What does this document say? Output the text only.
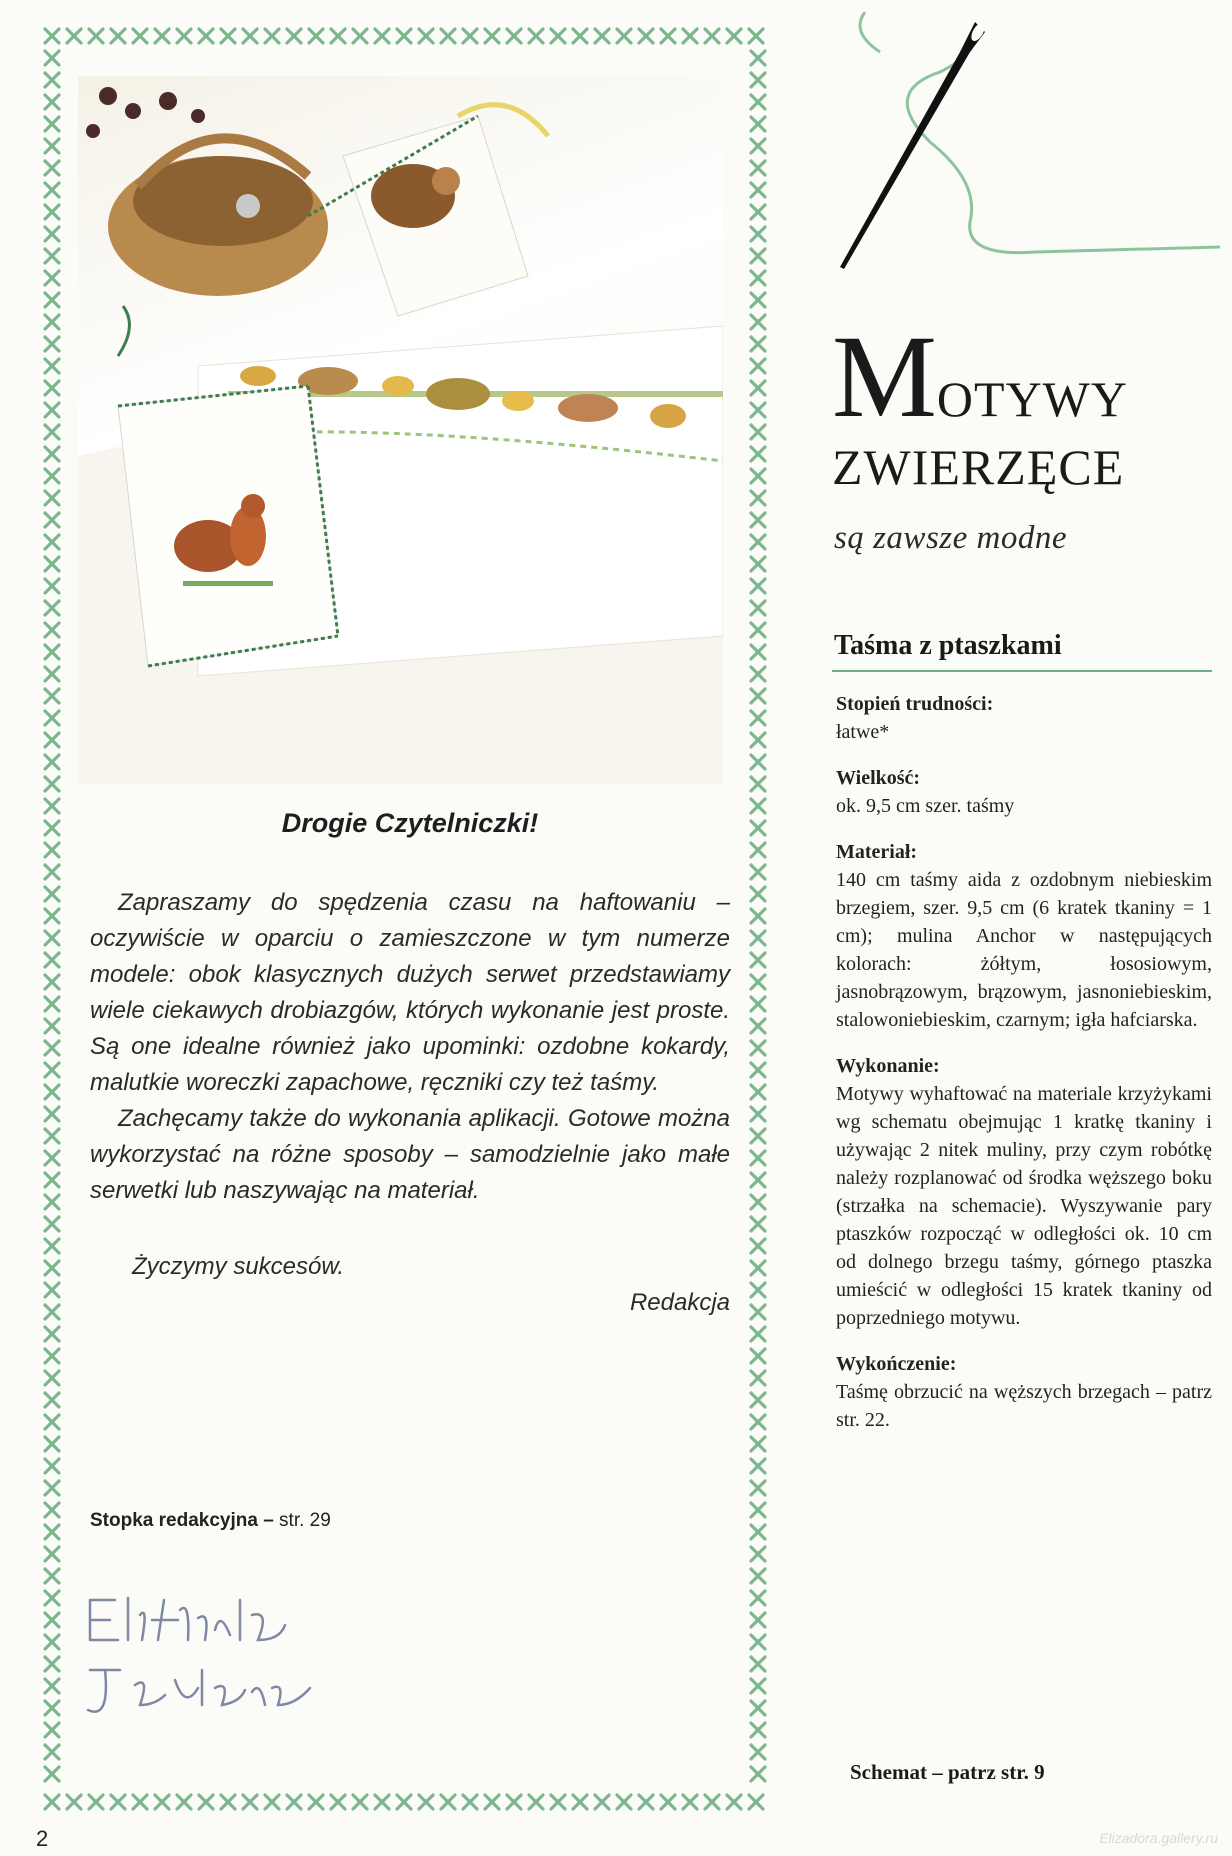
Drogie Czytelniczki!

Zapraszamy do spędzenia czasu na haftowaniu – oczywiście w oparciu o zamieszczone w tym numerze modele: obok klasycznych dużych serwet przedstawiamy wiele ciekawych drobiazgów, których wykonanie jest proste. Są one idealne również jako upominki: ozdobne kokardy, malutkie woreczki zapachowe, ręczniki czy też taśmy.

Zachęcamy także do wykonania aplikacji. Gotowe można wykorzystać na różne sposoby – samodzielnie jako małe serwetki lub naszywając na materiał.

Życzymy sukcesów.
Redakcja
Stopka redakcyjna – str. 29
2	Elizadora.gallery.ru
MOTYWY
ZWIERZĘCE
są zawsze modne
Taśma z ptaszkami
Stopień trudności:

łatwe*

Wielkość:

ok. 9,5 cm szer. taśmy

Materiał:

140 cm taśmy aida z ozdobnym niebieskim brzegiem, szer. 9,5 cm (6 kratek tkaniny = 1 cm); mulina Anchor w następujących kolorach: żółtym, łososiowym, jasnobrązowym, brązowym, jasnoniebieskim, stalowoniebieskim, czarnym; igła hafciarska.

Wykonanie:

Motywy wyhaftować na materiale krzyżykami wg schematu obejmując 1 kratkę tkaniny i używając 2 nitek muliny, przy czym robótkę należy rozplanować od środka węższego boku (strzałka na schemacie). Wyszywanie pary ptaszków rozpocząć w odległości ok. 10 cm od dolnego brzegu taśmy, górnego ptaszka umieścić w odległości 15 kratek tkaniny od poprzedniego motywu.

Wykończenie:

Taśmę obrzucić na węższych brzegach – patrz str. 22.

Schemat – patrz str. 9
